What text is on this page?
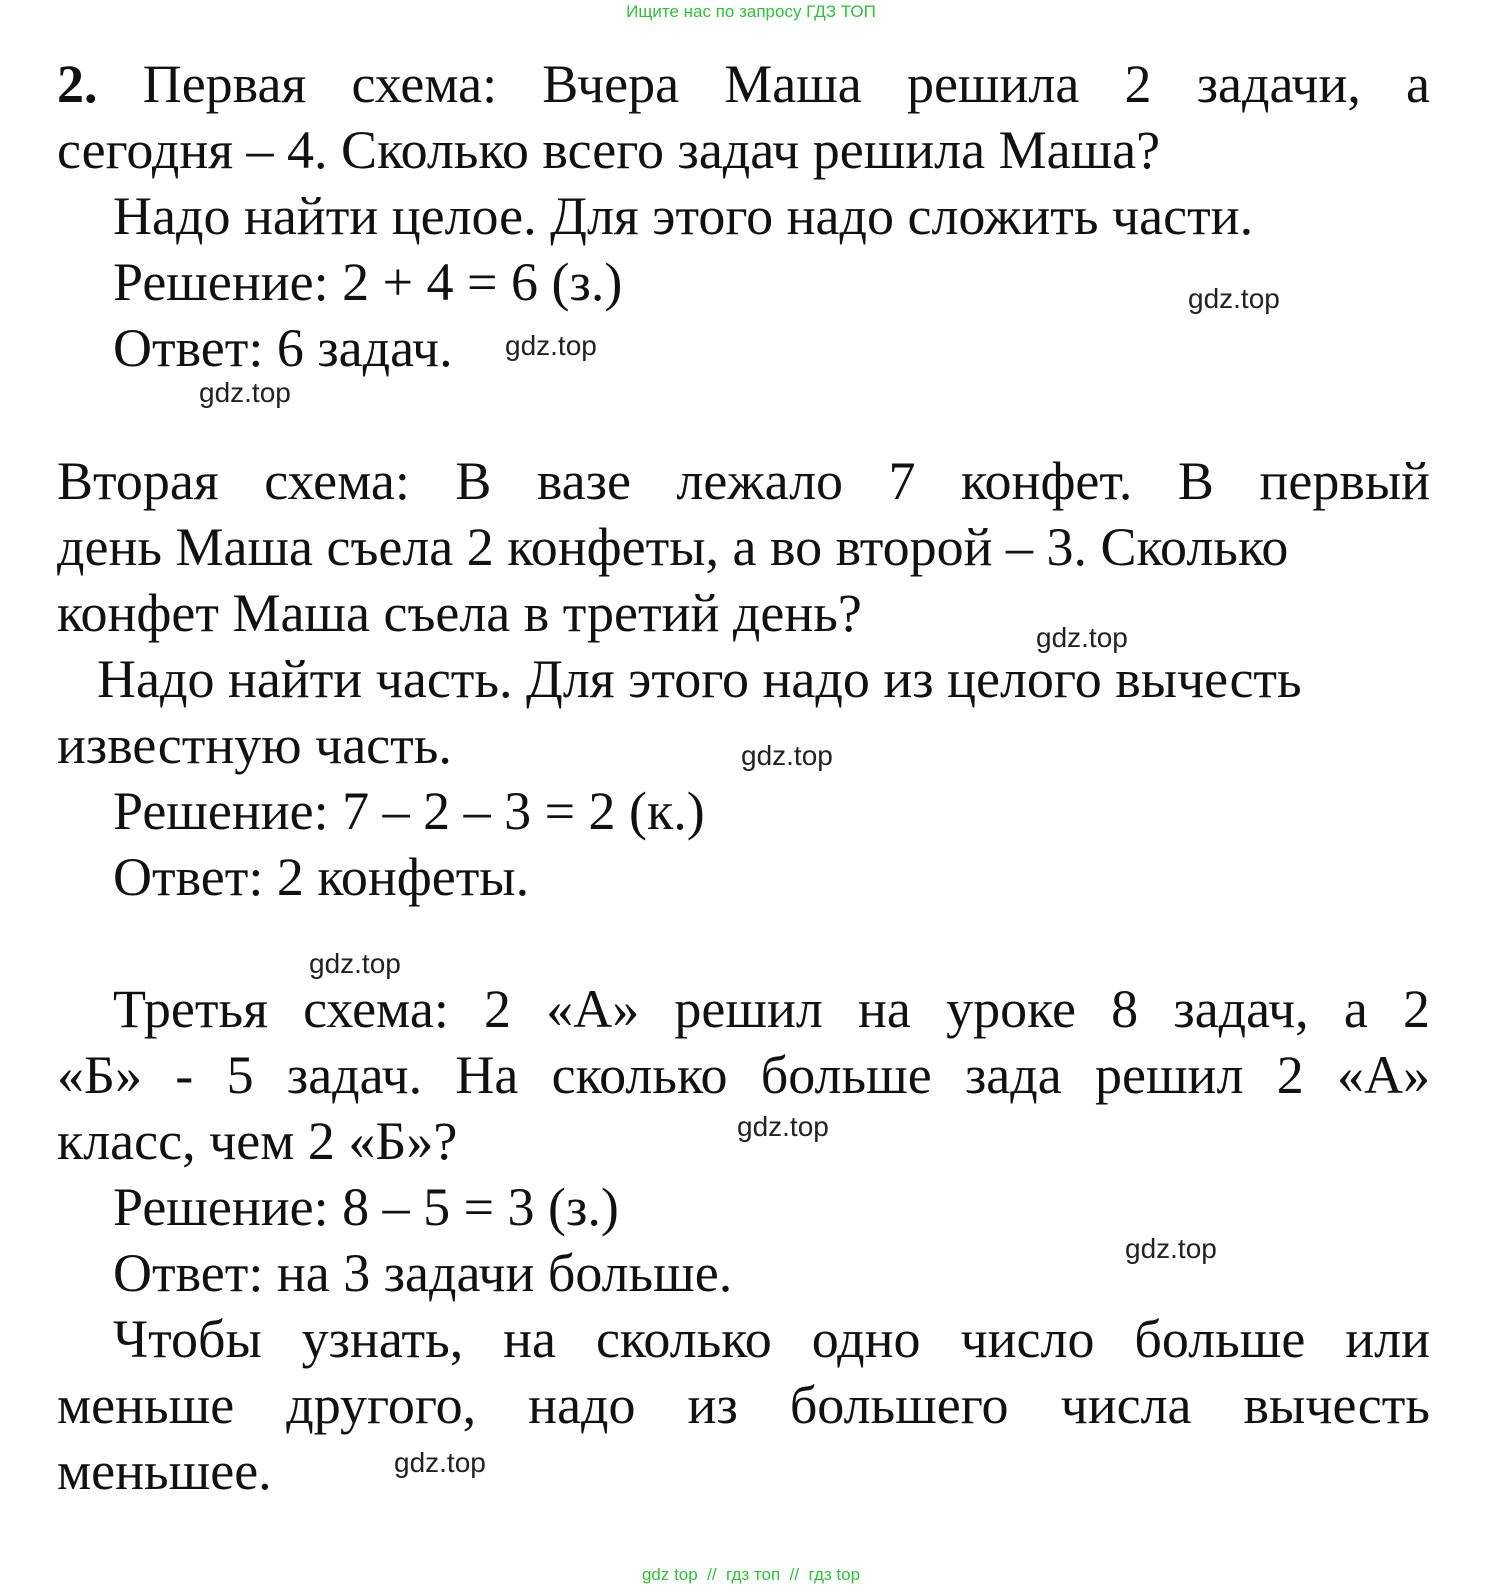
Ищите нас по запросу ГДЗ ТОП
2. Первая схема: Вчера Маша решила 2 задачи, а
сегодня – 4. Сколько всего задач решила Маша?
Надо найти целое. Для этого надо сложить части.
Решение: 2 + 4 = 6 (з.)
Ответ: 6 задач.
Вторая схема: В вазе лежало 7 конфет. В первый
день Маша съела 2 конфеты, а во второй – 3. Сколько
конфет Маша съела в третий день?
Надо найти часть. Для этого надо из целого вычесть
известную часть.
Решение: 7 – 2 – 3 = 2 (к.)
Ответ: 2 конфеты.
Третья схема: 2 «А» решил на уроке 8 задач, а 2
«Б» - 5 задач. На сколько больше зада решил 2 «А»
класс, чем 2 «Б»?
Решение: 8 – 5 = 3 (з.)
Ответ: на 3 задачи больше.
Чтобы узнать, на сколько одно число больше или
меньше другого, надо из большего числа вычесть
меньшее.
gdz.top
gdz.top
gdz.top
gdz.top
gdz.top
gdz.top
gdz.top
gdz.top
gdz.top
gdz top  //  гдз топ  //  гдз top
